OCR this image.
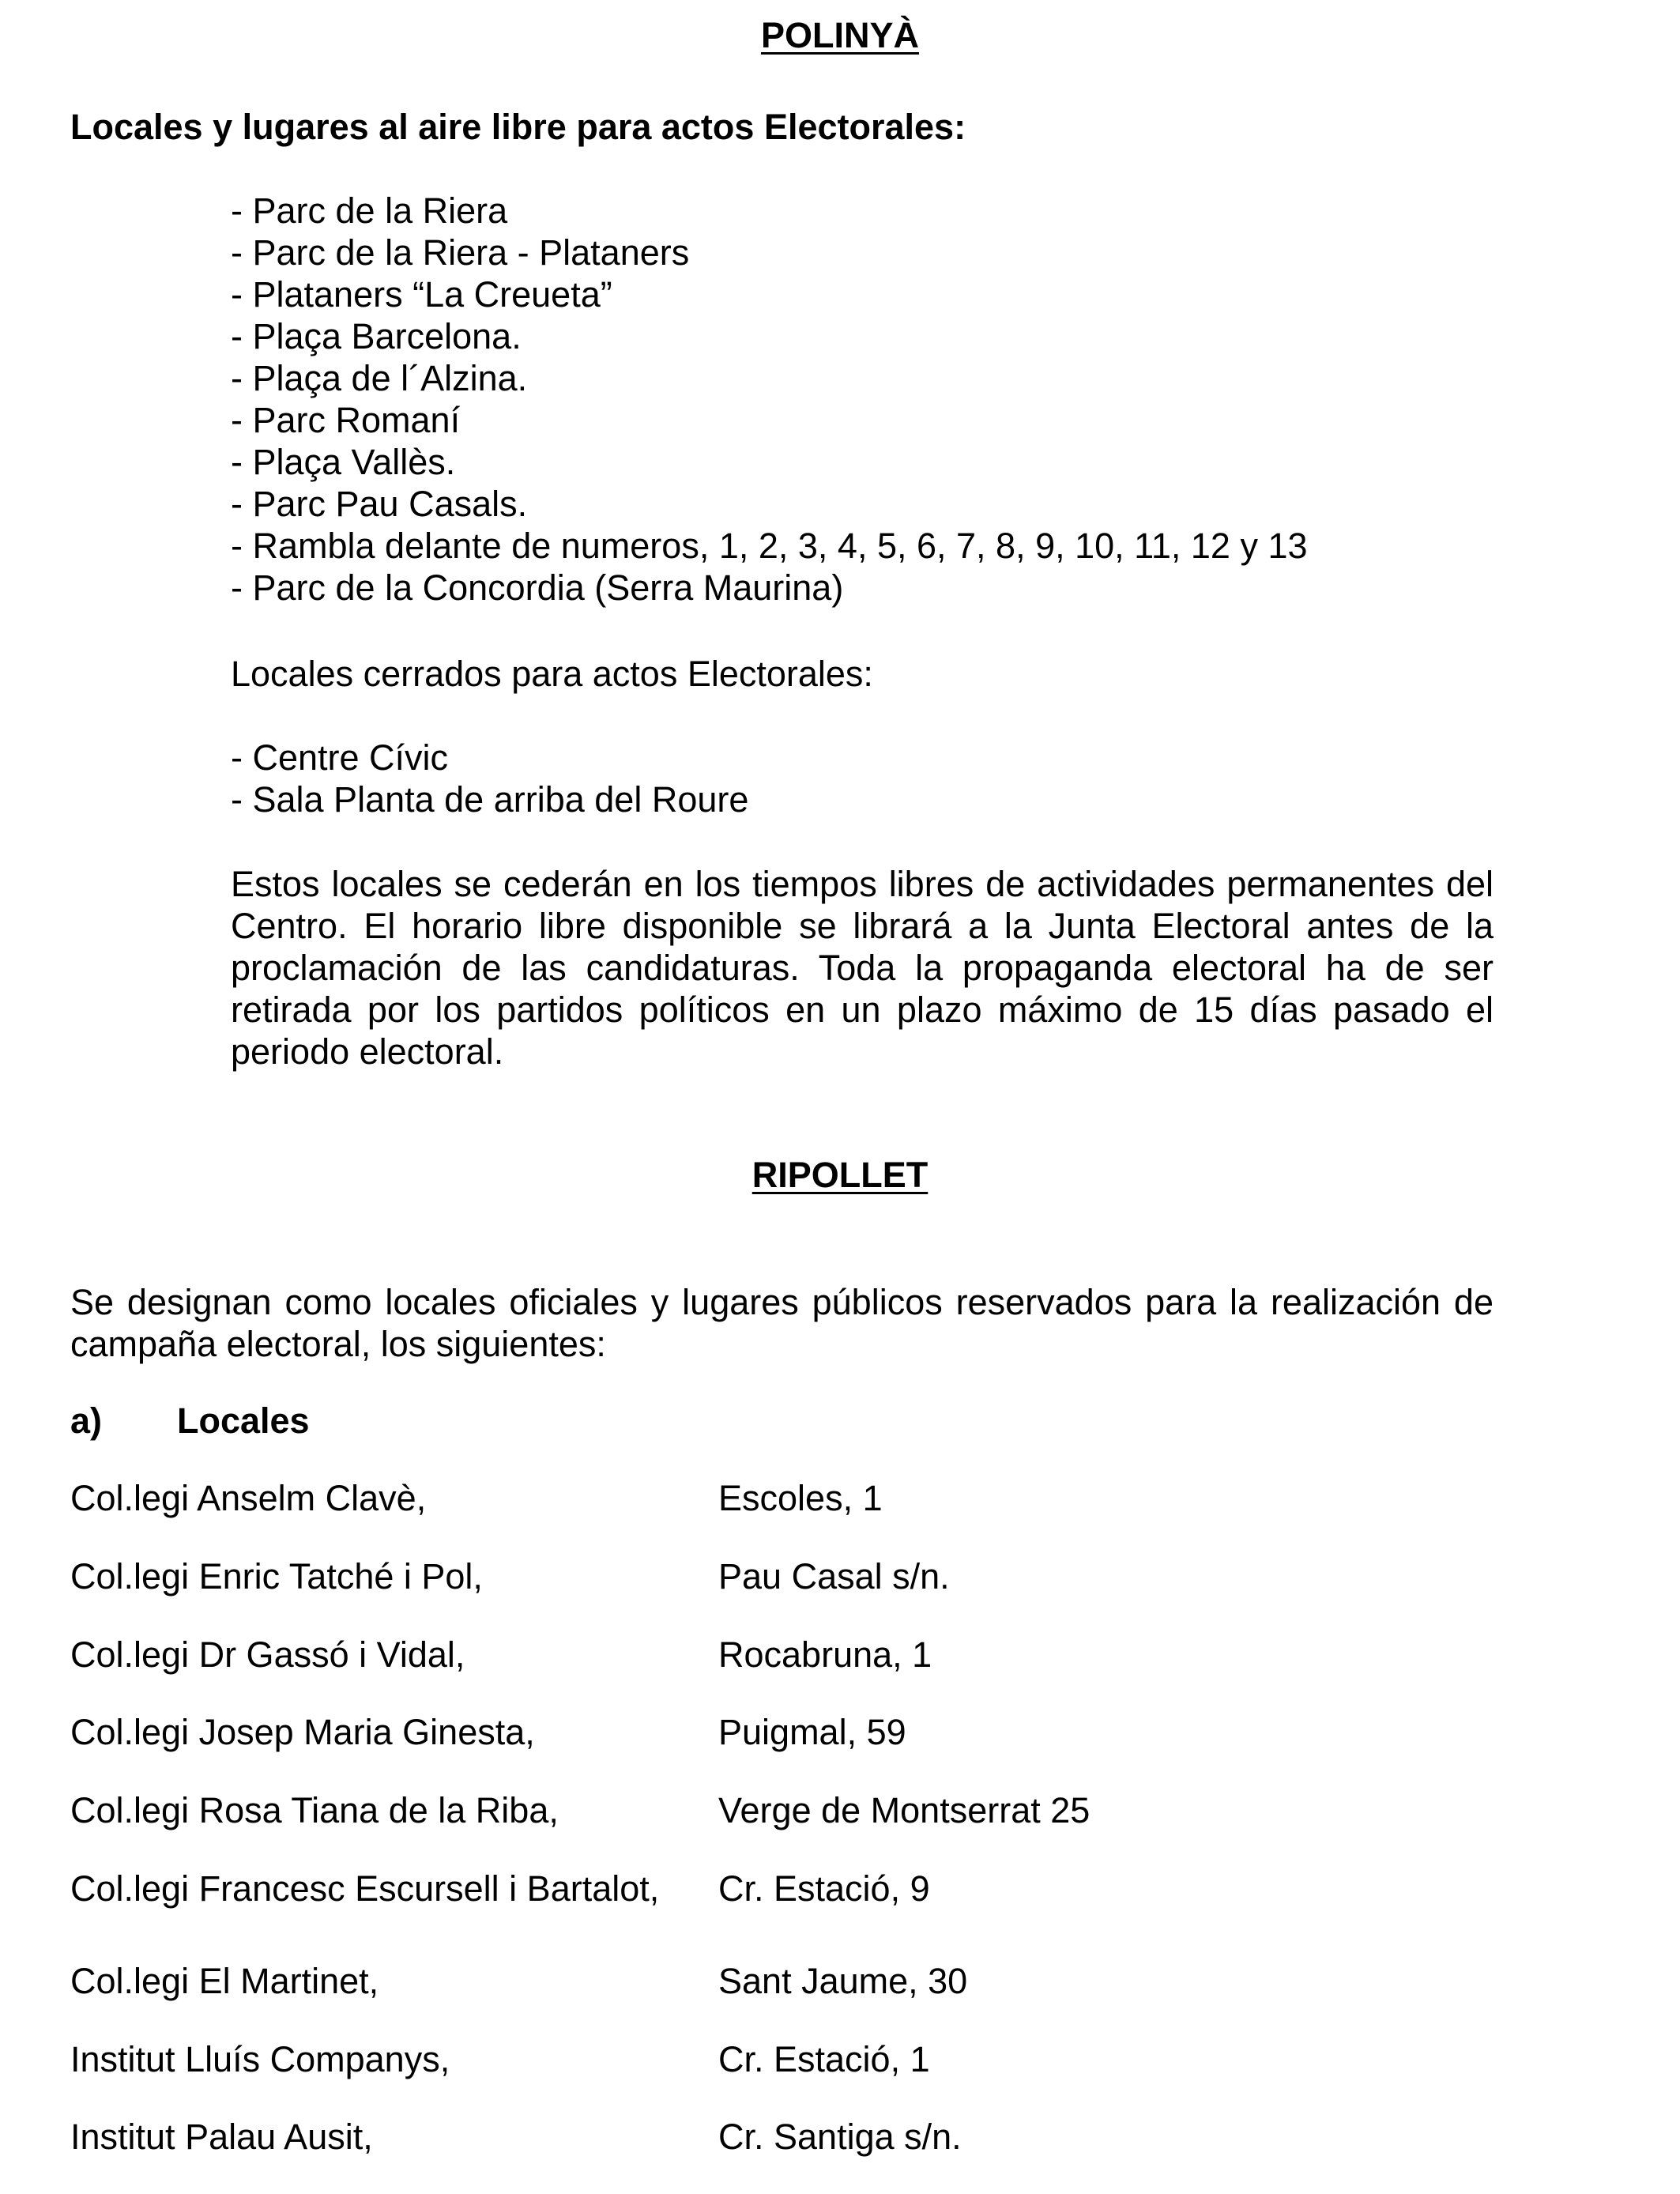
POLINYÀ
Locales y lugares al aire libre para actos Electorales:
- Parc de la Riera
- Parc de la Riera - Plataners
- Plataners “La Creueta”
- Plaça Barcelona.
- Plaça de l´Alzina.
- Parc Romaní
- Plaça Vallès.
- Parc Pau Casals.
- Rambla delante de numeros, 1, 2, 3, 4, 5, 6, 7, 8, 9, 10, 11, 12 y 13
- Parc de la Concordia (Serra Maurina)
Locales cerrados para actos Electorales:
- Centre Cívic
- Sala Planta de arriba del Roure
Estos locales se cederán en los tiempos libres de actividades permanentes del Centro. El horario libre disponible se librará a la Junta Electoral antes de la proclamación de las candidaturas. Toda la propaganda electoral ha de ser retirada por los partidos políticos en un plazo máximo de 15 días pasado el periodo electoral.
RIPOLLET
Se designan como locales oficiales y lugares públicos reservados para la realización de campaña electoral, los siguientes:
a) Locales
Col.legi Anselm Clavè,	Escoles, 1
Col.legi Enric Tatché i Pol,	Pau Casal s/n.
Col.legi Dr Gassó i Vidal,	Rocabruna, 1
Col.legi Josep Maria Ginesta,	Puigmal, 59
Col.legi Rosa Tiana de la Riba,	Verge de Montserrat 25
Col.legi Francesc Escursell i Bartalot, Cr. Estació, 9
Col.legi El Martinet,	Sant Jaume, 30
Institut Lluís Companys,	Cr. Estació, 1
Institut Palau Ausit,	Cr. Santiga s/n.
